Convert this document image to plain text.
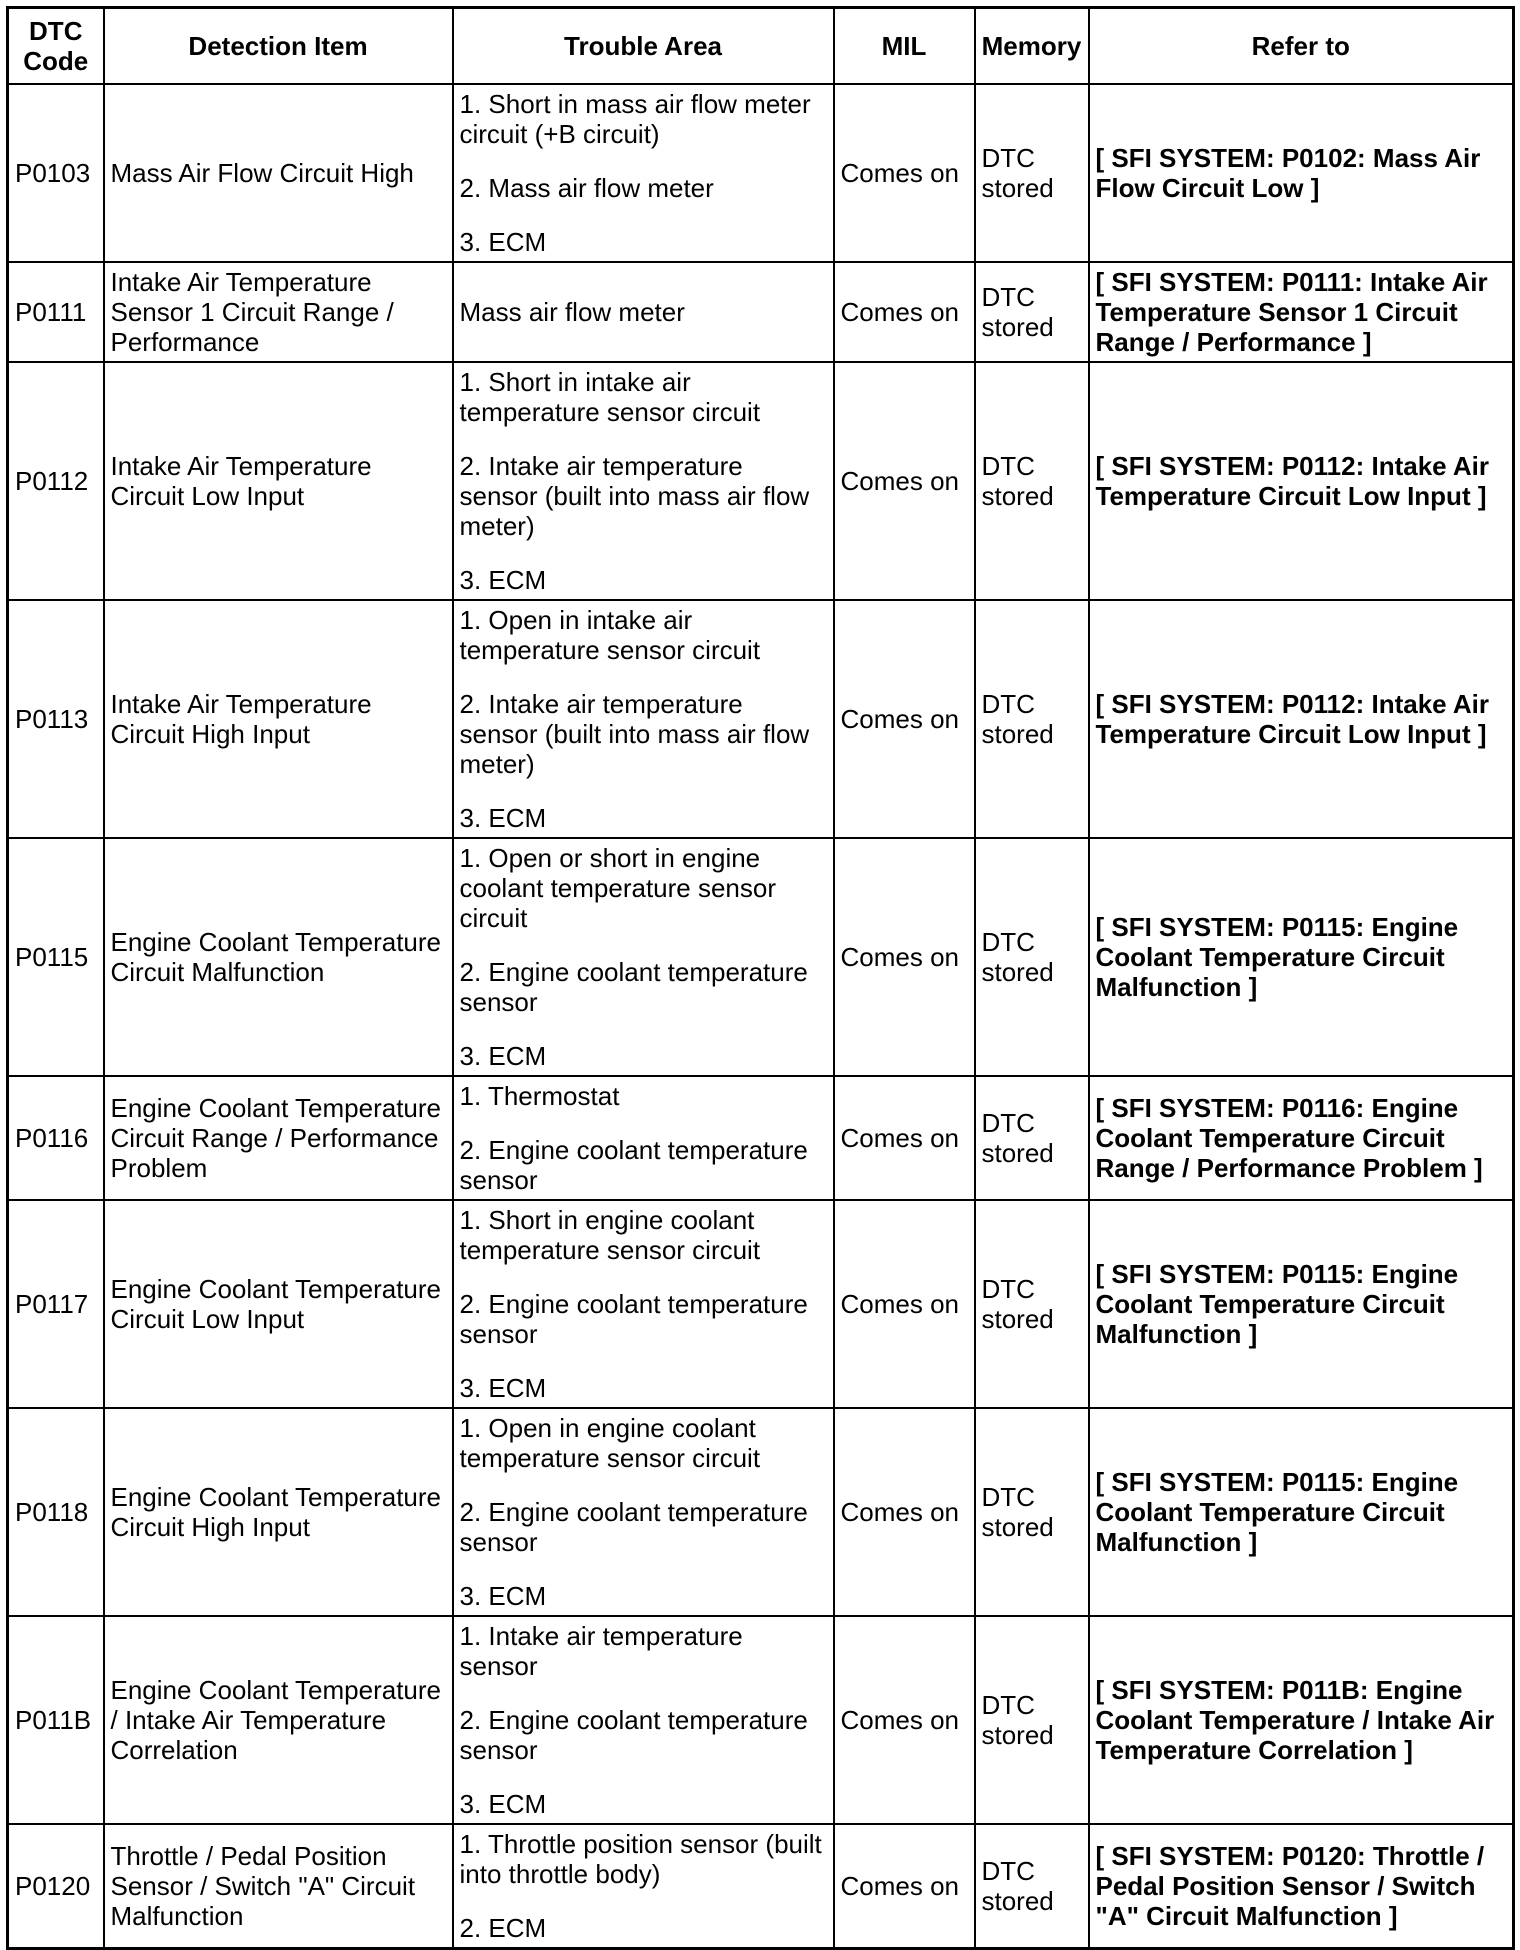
DTC Code	Detection Item	Trouble Area	MIL	Memory	Refer to
P0103	Mass Air Flow Circuit High	1. Short in mass air flow meter circuit (+B circuit)

2. Mass air flow meter

3. ECM	Comes on	DTC stored	[ SFI SYSTEM: P0102: Mass Air Flow Circuit Low ]
P0111	Intake Air Temperature Sensor 1 Circuit Range / Performance	Mass air flow meter	Comes on	DTC stored	[ SFI SYSTEM: P0111: Intake Air Temperature Sensor 1 Circuit Range / Performance ]
P0112	Intake Air Temperature Circuit Low Input	1. Short in intake air temperature sensor circuit

2. Intake air temperature sensor (built into mass air flow meter)

3. ECM	Comes on	DTC stored	[ SFI SYSTEM: P0112: Intake Air Temperature Circuit Low Input ]
P0113	Intake Air Temperature Circuit High Input	1. Open in intake air temperature sensor circuit

2. Intake air temperature sensor (built into mass air flow meter)

3. ECM	Comes on	DTC stored	[ SFI SYSTEM: P0112: Intake Air Temperature Circuit Low Input ]
P0115	Engine Coolant Temperature Circuit Malfunction	1. Open or short in engine coolant temperature sensor circuit

2. Engine coolant temperature sensor

3. ECM	Comes on	DTC stored	[ SFI SYSTEM: P0115: Engine Coolant Temperature Circuit Malfunction ]
P0116	Engine Coolant Temperature Circuit Range / Performance Problem	1. Thermostat

2. Engine coolant temperature sensor	Comes on	DTC stored	[ SFI SYSTEM: P0116: Engine Coolant Temperature Circuit Range / Performance Problem ]
P0117	Engine Coolant Temperature Circuit Low Input	1. Short in engine coolant temperature sensor circuit

2. Engine coolant temperature sensor

3. ECM	Comes on	DTC stored	[ SFI SYSTEM: P0115: Engine Coolant Temperature Circuit Malfunction ]
P0118	Engine Coolant Temperature Circuit High Input	1. Open in engine coolant temperature sensor circuit

2. Engine coolant temperature sensor

3. ECM	Comes on	DTC stored	[ SFI SYSTEM: P0115: Engine Coolant Temperature Circuit Malfunction ]
P011B	Engine Coolant Temperature / Intake Air Temperature Correlation	1. Intake air temperature sensor

2. Engine coolant temperature sensor

3. ECM	Comes on	DTC stored	[ SFI SYSTEM: P011B: Engine Coolant Temperature / Intake Air Temperature Correlation ]
P0120	Throttle / Pedal Position Sensor / Switch "A" Circuit Malfunction	1. Throttle position sensor (built into throttle body)

2. ECM	Comes on	DTC stored	[ SFI SYSTEM: P0120: Throttle / Pedal Position Sensor / Switch "A" Circuit Malfunction ]
